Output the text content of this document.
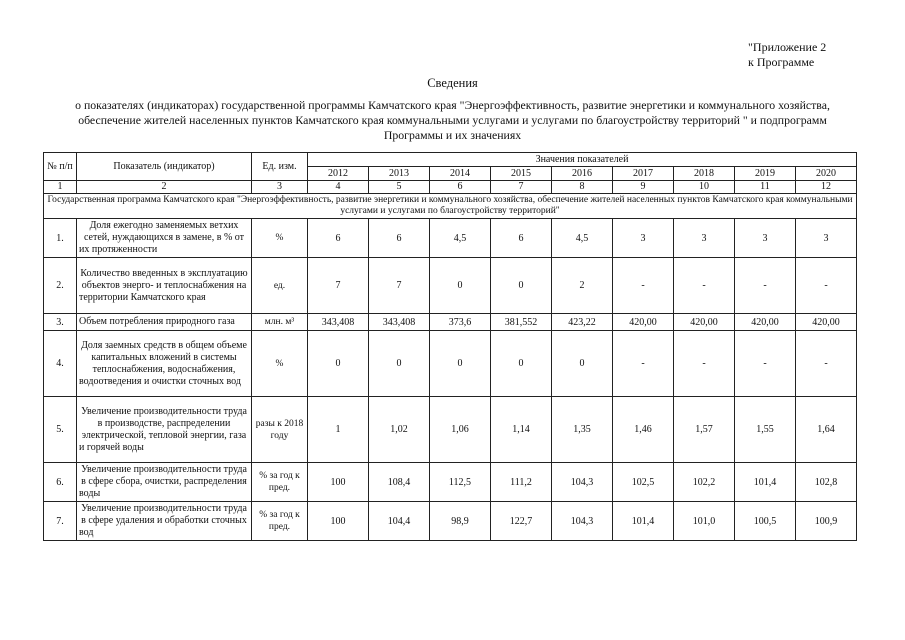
"Приложение 2
к Программе
Сведения
о показателях (индикаторах) государственной программы Камчатского края "Энергоэффективность, развитие энергетики и коммунального хозяйства,
обеспечение жителей населенных пунктов Камчатского края коммунальными услугами и услугами по благоустройству территорий " и подпрограмм
Программы и их значениях
№ п/п	Показатель (индикатор)	Ед. изм.	Значения показателей								
			2012	2013	2014	2015	2016	2017	2018	2019	2020
1	2	3	4	5	6	7	8	9	10	11	12
Государственная программа Камчатского края "Энергоэффективность, развитие энергетики и коммунального хозяйства, обеспечение жителей населенных пунктов Камчатского края коммунальными услугами и услугами по благоустройству территорий"											
1.	Доля ежегодно заменяемых ветхих сетей, нуждающихся в замене, в % от их протяженности	%	6	6	4,5	6	4,5	3	3	3	3
2.	Количество введенных в эксплуатацию объектов энерго- и теплоснабжения на территории Камчатского края	ед.	7	7	0	0	2	-	-	-	-
3.	Объем потребления природного газа	млн. м³	343,408	343,408	373,6	381,552	423,22	420,00	420,00	420,00	420,00
4.	Доля заемных средств в общем объеме капитальных вложений в системы теплоснабжения, водоснабжения, водоотведения и очистки сточных вод	%	0	0	0	0	0	-	-	-	-
5.	Увеличение производительности труда в производстве, распределении электрической, тепловой энергии, газа и горячей воды	разы к 2018 году	1	1,02	1,06	1,14	1,35	1,46	1,57	1,55	1,64
6.	Увеличение производительности труда в сфере сбора, очистки, распределения воды	% за год к пред.	100	108,4	112,5	111,2	104,3	102,5	102,2	101,4	102,8
7.	Увеличение производительности труда в сфере удаления и обработки сточных вод	% за год к пред.	100	104,4	98,9	122,7	104,3	101,4	101,0	100,5	100,9
